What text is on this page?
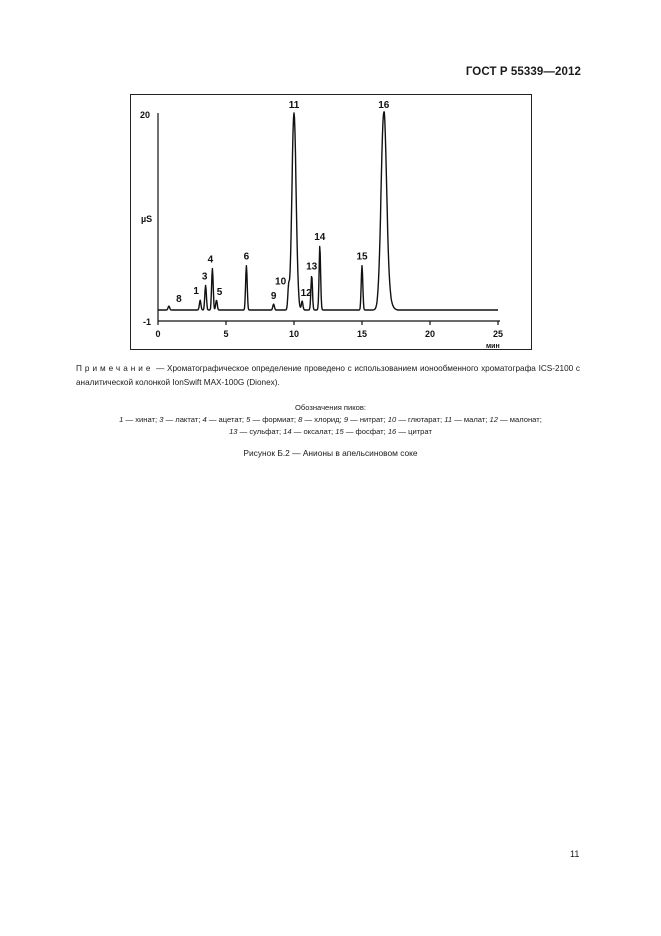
ГОСТ Р 55339—2012
0	5	10	15	20	25
1
3
4
5
6
8	9
10
11
12
13
14
15
16
µS
20
-1
мин
Примечание — Хроматографическое определение проведено с использованием ионообменного хроматографа ICS-2100 с аналитической колонкой IonSwift MAX-100G (Dionex).
Обозначения пиков:
1 — хинат; 3 — лактат; 4 — ацетат; 5 — формиат; 8 — хлорид; 9 — нитрат; 10 — глютарат; 11 — малат; 12 — малонат;
13 — сульфат; 14 — оксалат; 15 — фосфат; 16 — цитрат
Рисунок Б.2 — Анионы в апельсиновом соке
11
